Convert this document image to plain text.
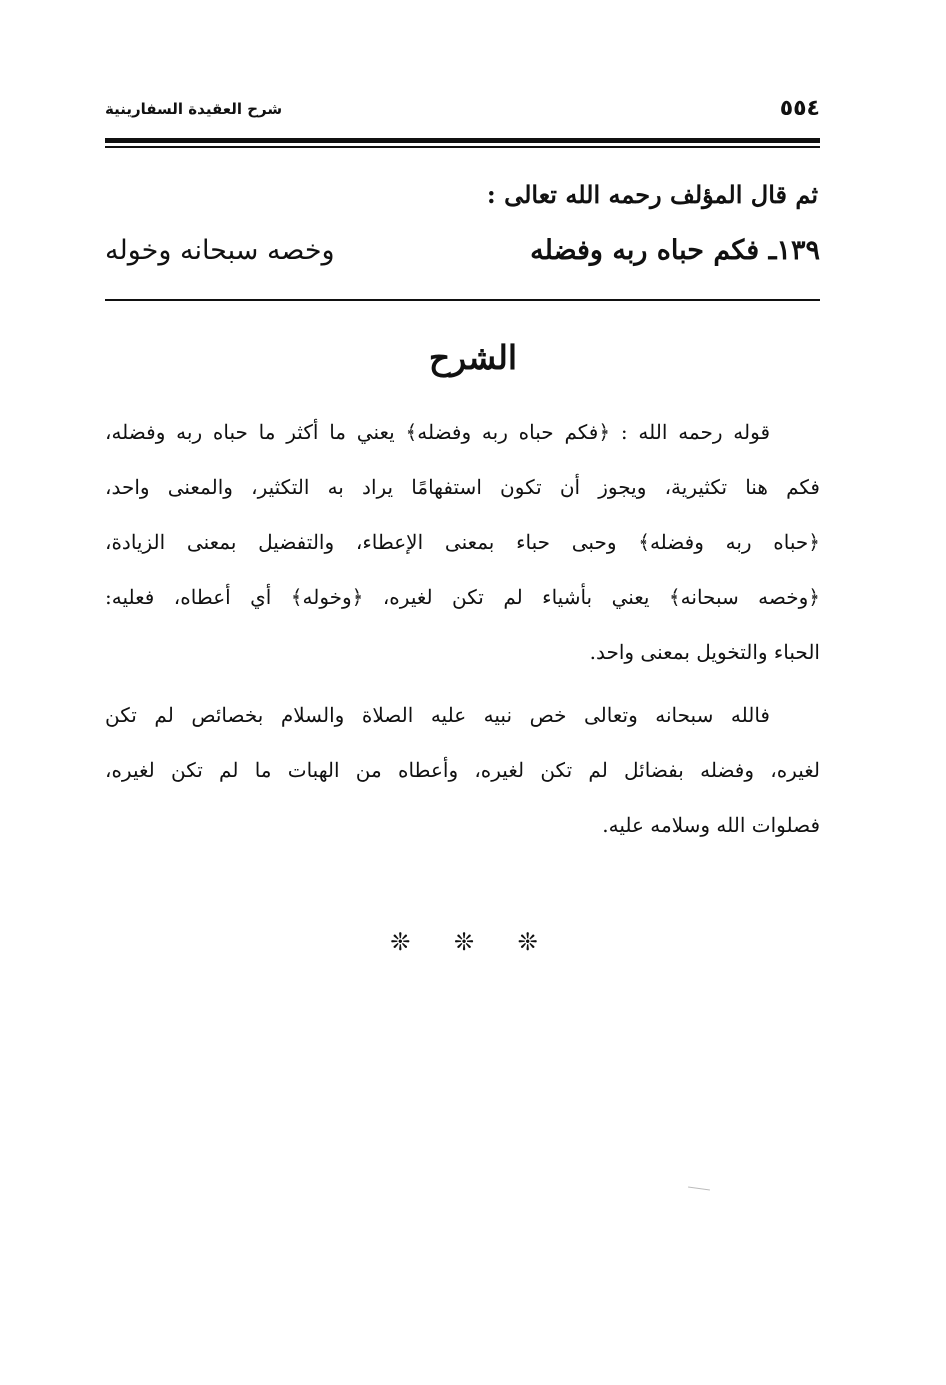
شرح العقيدة السفارينية	٥٥٤
ثم قال المؤلف رحمه الله تعالى :
١٣٩ـ فكم حباه ربه وفضله
وخصه سبحانه وخوله
الشرح
قوله رحمه الله : ﴿فكم حباه ربه وفضله﴾ يعني ما أكثر ما حباه ربه وفضله،
فكم هنا تكثيرية، ويجوز أن تكون استفهامًا يراد به التكثير، والمعنى واحد،
﴿حباه ربه وفضله﴾ وحبى حباء بمعنى الإعطاء، والتفضيل بمعنى الزيادة،
﴿وخصه سبحانه﴾ يعني بأشياء لم تكن لغيره، ﴿وخوله﴾ أي أعطاه، فعليه:
الحباء والتخويل بمعنى واحد.
فالله سبحانه وتعالى خص نبيه عليه الصلاة والسلام بخصائص لم تكن
لغيره، وفضله بفضائل لم تكن لغيره، وأعطاه من الهبات ما لم تكن لغيره،
فصلوات الله وسلامه عليه.
❊ ❊ ❊
